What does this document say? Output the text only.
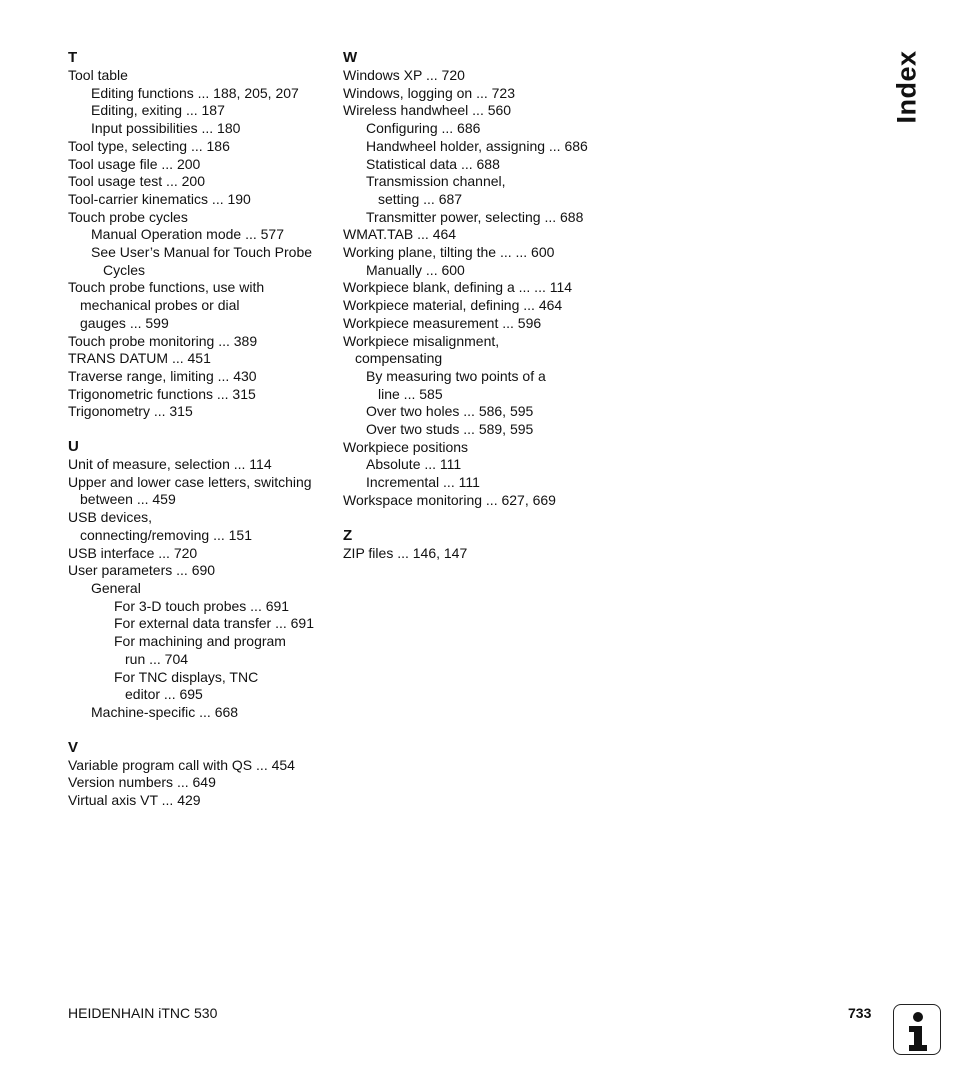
T
Tool table
Editing functions ... 188, 205, 207
Editing, exiting ... 187
Input possibilities ... 180
Tool type, selecting ... 186
Tool usage file ... 200
Tool usage test ... 200
Tool-carrier kinematics ... 190
Touch probe cycles
Manual Operation mode ... 577
See User’s Manual for Touch Probe
Cycles
Touch probe functions, use with
mechanical probes or dial
gauges ... 599
Touch probe monitoring ... 389
TRANS DATUM ... 451
Traverse range, limiting ... 430
Trigonometric functions ... 315
Trigonometry ... 315
U
Unit of measure, selection ... 114
Upper and lower case letters, switching
between ... 459
USB devices,
connecting/removing ... 151
USB interface ... 720
User parameters ... 690
General
For 3-D touch probes ... 691
For external data transfer ... 691
For machining and program
run ... 704
For TNC displays, TNC
editor ... 695
Machine-specific ... 668
V
Variable program call with QS ... 454
Version numbers ... 649
Virtual axis VT ... 429
W
Windows XP ... 720
Windows, logging on ... 723
Wireless handwheel ... 560
Configuring ... 686
Handwheel holder, assigning ... 686
Statistical data ... 688
Transmission channel,
setting ... 687
Transmitter power, selecting ... 688
WMAT.TAB ... 464
Working plane, tilting the ... ... 600
Manually ... 600
Workpiece blank, defining a ... ... 114
Workpiece material, defining ... 464
Workpiece measurement ... 596
Workpiece misalignment,
compensating
By measuring two points of a
line ... 585
Over two holes ... 586, 595
Over two studs ... 589, 595
Workpiece positions
Absolute ... 111
Incremental ... 111
Workspace monitoring ... 627, 669
Z
ZIP files ... 146, 147
Index
HEIDENHAIN iTNC 530	733
